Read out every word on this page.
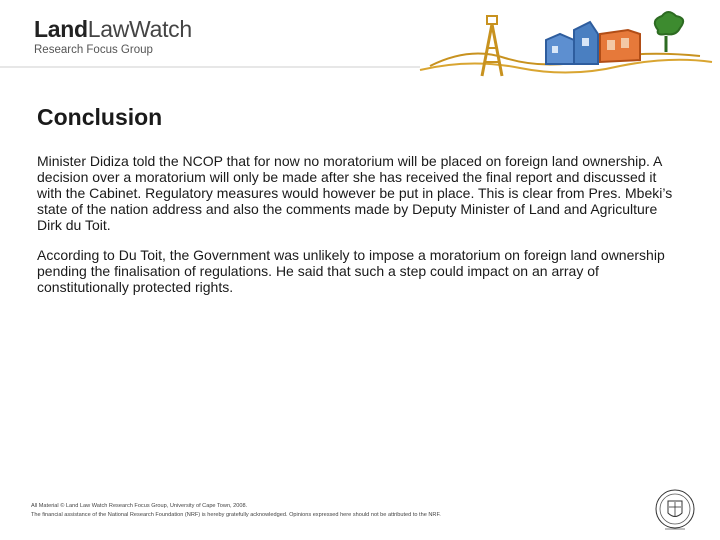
LandLawWatch
Research Focus Group
Conclusion

Minister Didiza told the NCOP that for now no moratorium will be placed on foreign land ownership. A decision over a moratorium will only be made after she has received the final report and discussed it with the Cabinet. Regulatory measures would however be put in place. This is clear from Pres. Mbeki’s state of the nation address and also the comments made by Deputy Minister of Land and Agriculture Dirk du Toit.

According to Du Toit, the Government was unlikely to impose a moratorium on foreign land ownership pending the finalisation of regulations. He said that such a step could impact on an array of constitutionally protected rights.

All Material © Land Law Watch Research Focus Group, University of Cape Town, 2008.
The financial assistance of the National Research Foundation (NRF) is hereby gratefully acknowledged. Opinions expressed here should not be attributed to the NRF.
